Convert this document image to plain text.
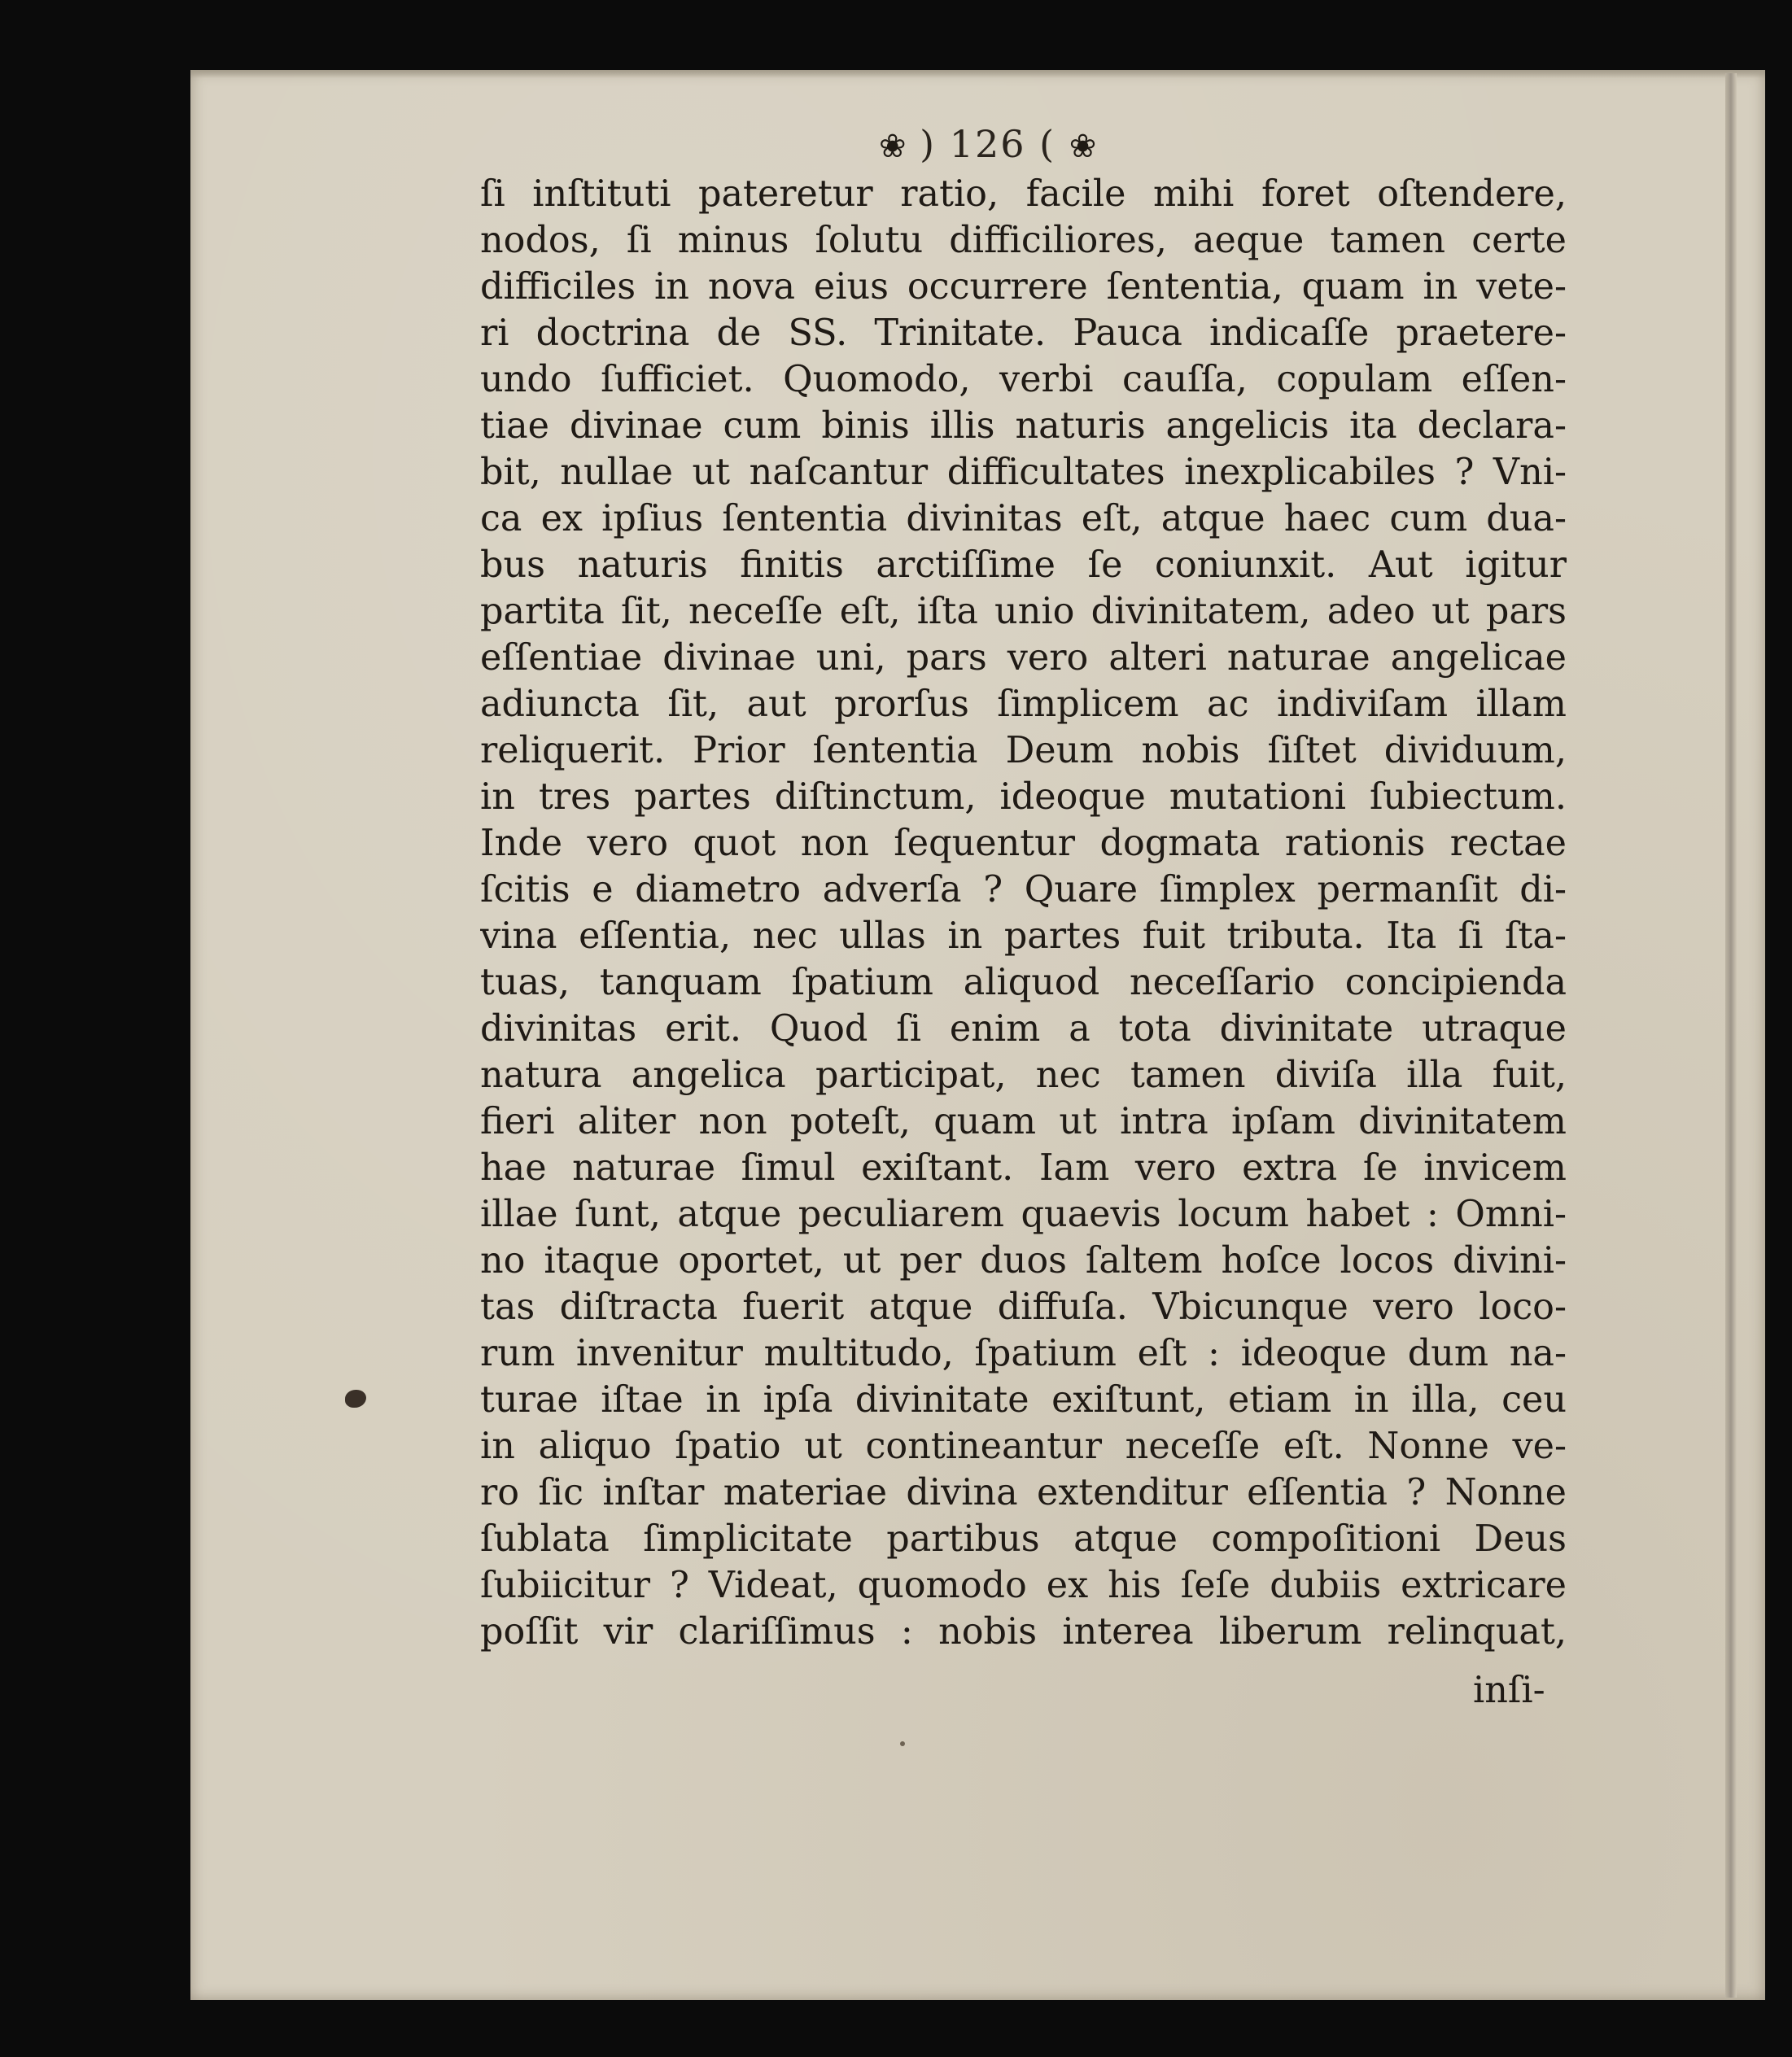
❀ ) 126 ( ❀
ſi inſtituti pateretur ratio, facile mihi foret oſtendere,
nodos, ſi minus ſolutu difficiliores, aeque tamen certe
difficiles in nova eius occurrere ſententia, quam in vete-
ri doctrina de SS. Trinitate. Pauca indicaſſe praetere-
undo ſufficiet. Quomodo, verbi cauſſa, copulam eſſen-
tiae divinae cum binis illis naturis angelicis ita declara-
bit, nullae ut naſcantur difficultates inexplicabiles ? Vni-
ca ex ipſius ſententia divinitas eſt, atque haec cum dua-
bus naturis finitis arctiſſime ſe coniunxit. Aut igitur
partita ſit, neceſſe eſt, iſta unio divinitatem, adeo ut pars
eſſentiae divinae uni, pars vero alteri naturae angelicae
adiuncta ſit, aut prorſus ſimplicem ac indiviſam illam
reliquerit. Prior ſententia Deum nobis ſiſtet dividuum,
in tres partes diſtinctum, ideoque mutationi ſubiectum.
Inde vero quot non ſequentur dogmata rationis rectae
ſcitis e diametro adverſa ? Quare ſimplex permanſit di-
vina eſſentia, nec ullas in partes fuit tributa. Ita ſi ſta-
tuas, tanquam ſpatium aliquod neceſſario concipienda
divinitas erit. Quod ſi enim a tota divinitate utraque
natura angelica participat, nec tamen diviſa illa fuit,
fieri aliter non poteſt, quam ut intra ipſam divinitatem
hae naturae ſimul exiſtant. Iam vero extra ſe invicem
illae ſunt, atque peculiarem quaevis locum habet : Omni-
no itaque oportet, ut per duos ſaltem hoſce locos divini-
tas diſtracta fuerit atque diffuſa. Vbicunque vero loco-
rum invenitur multitudo, ſpatium eſt : ideoque dum na-
turae iſtae in ipſa divinitate exiſtunt, etiam in illa, ceu
in aliquo ſpatio ut contineantur neceſſe eſt. Nonne ve-
ro ſic inſtar materiae divina extenditur eſſentia ? Nonne
ſublata ſimplicitate partibus atque compoſitioni Deus
ſubiicitur ? Videat, quomodo ex his ſeſe dubiis extricare
poſſit vir clariſſimus : nobis interea liberum relinquat,
inſi-
